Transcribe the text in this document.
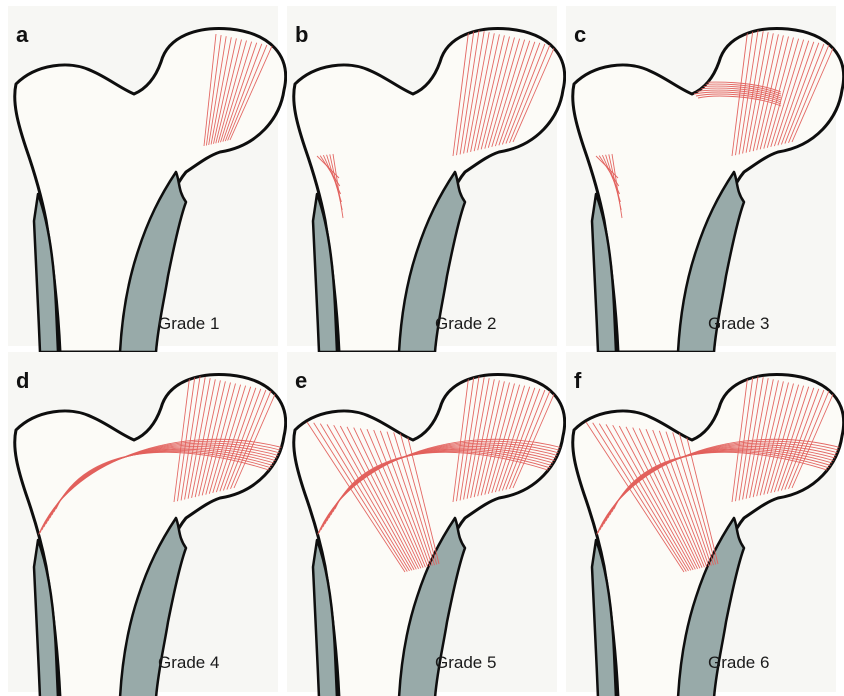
a
Grade 1
b
Grade 2
c
Grade 3
d
Grade 4
e
Grade 5
f
Grade 6
